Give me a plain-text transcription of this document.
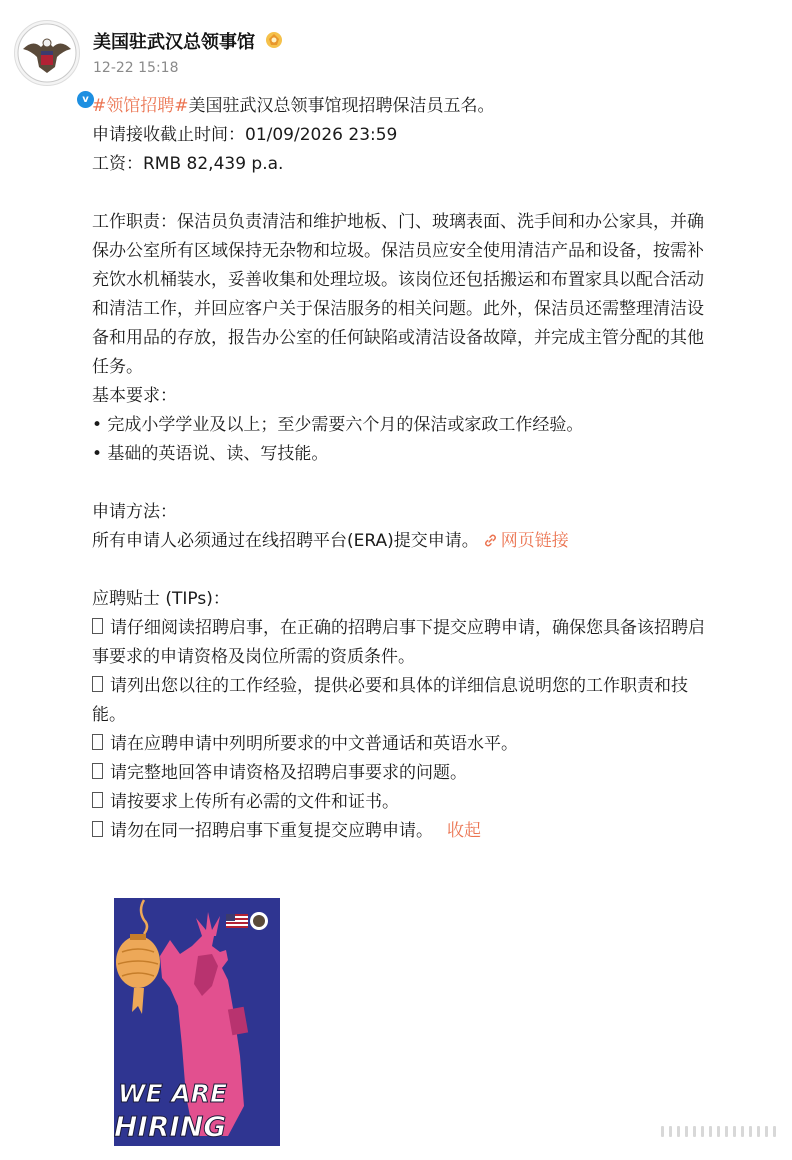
v
美国驻武汉总领事馆
12-22 15:18

#领馆招聘#美国驻武汉总领事馆现招聘保洁员五名。

申请接收截止时间：01/09/2026 23:59

工资：RMB 82,439 p.a.

工作职责：保洁员负责清洁和维护地板、门、玻璃表面、洗手间和办公家具，并确

保办公室所有区域保持无杂物和垃圾。保洁员应安全使用清洁产品和设备，按需补

充饮水机桶装水，妥善收集和处理垃圾。该岗位还包括搬运和布置家具以配合活动

和清洁工作，并回应客户关于保洁服务的相关问题。此外，保洁员还需整理清洁设

备和用品的存放，报告办公室的任何缺陷或清洁设备故障，并完成主管分配的其他

任务。

基本要求：

• 完成小学学业及以上；至少需要六个月的保洁或家政工作经验。

• 基础的英语说、读、写技能。

申请方法：

所有申请人必须通过在线招聘平台(ERA)提交申请。 网页链接

应聘贴士 (TIPs)：

请仔细阅读招聘启事，在正确的招聘启事下提交应聘申请，确保您具备该招聘启

事要求的申请资格及岗位所需的资质条件。

请列出您以往的工作经验，提供必要和具体的详细信息说明您的工作职责和技

能。

请在应聘申请中列明所要求的中文普通话和英语水平。

请完整地回答申请资格及招聘启事要求的问题。

请按要求上传所有必需的文件和证书。

请勿在同一招聘启事下重复提交应聘申请。 收起

WE ARE
HIRING
